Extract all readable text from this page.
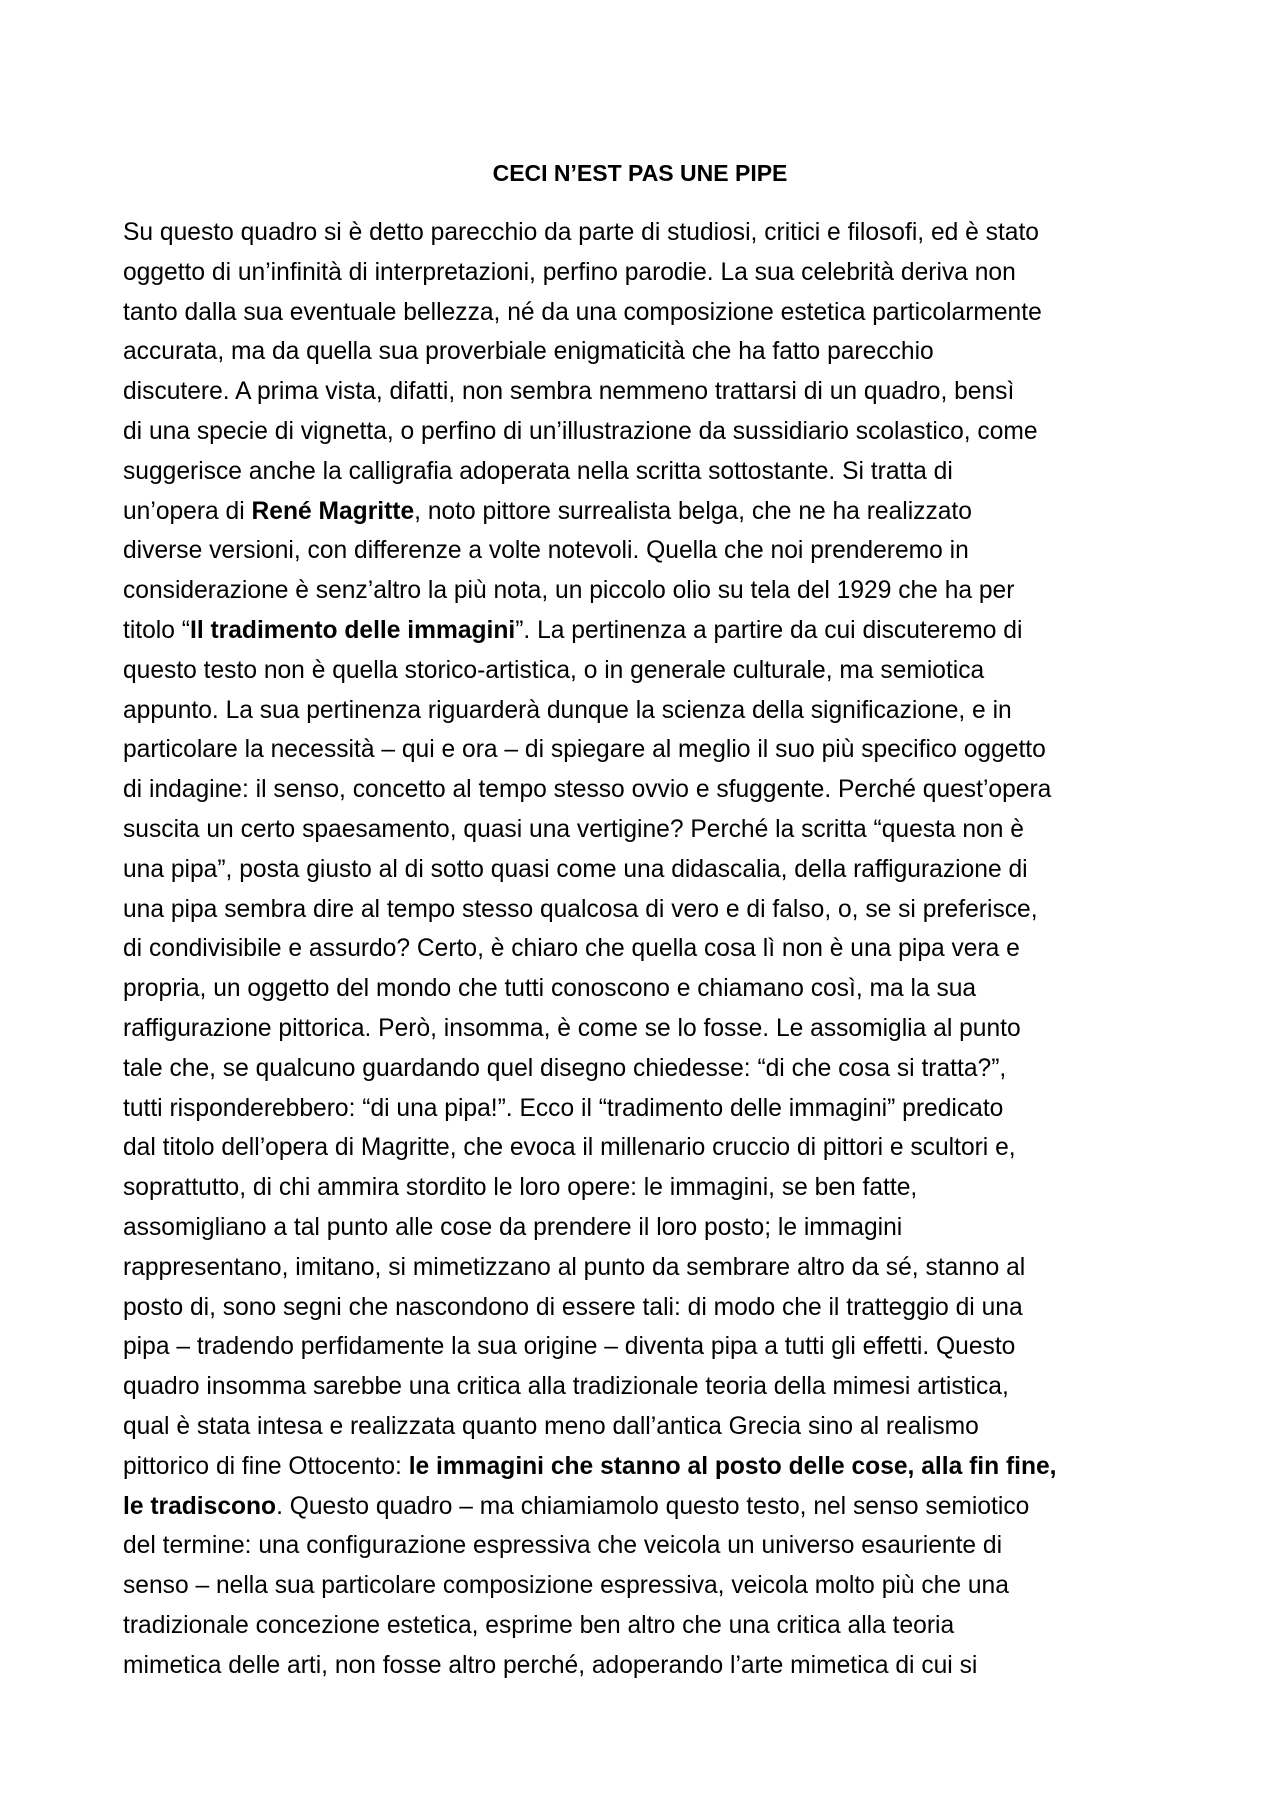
CECI N’EST PAS UNE PIPE
Su questo quadro si è detto parecchio da parte di studiosi, critici e filosofi, ed è stato
oggetto di un’infinità di interpretazioni, perfino parodie. La sua celebrità deriva non
tanto dalla sua eventuale bellezza, né da una composizione estetica particolarmente
accurata, ma da quella sua proverbiale enigmaticità che ha fatto parecchio
discutere. A prima vista, difatti, non sembra nemmeno trattarsi di un quadro, bensì
di una specie di vignetta, o perfino di un’illustrazione da sussidiario scolastico, come
suggerisce anche la calligrafia adoperata nella scritta sottostante. Si tratta di
un’opera di René Magritte, noto pittore surrealista belga, che ne ha realizzato
diverse versioni, con differenze a volte notevoli. Quella che noi prenderemo in
considerazione è senz’altro la più nota, un piccolo olio su tela del 1929 che ha per
titolo “Il tradimento delle immagini”. La pertinenza a partire da cui discuteremo di
questo testo non è quella storico-artistica, o in generale culturale, ma semiotica
appunto. La sua pertinenza riguarderà dunque la scienza della significazione, e in
particolare la necessità – qui e ora – di spiegare al meglio il suo più specifico oggetto
di indagine: il senso, concetto al tempo stesso ovvio e sfuggente. Perché quest’opera
suscita un certo spaesamento, quasi una vertigine? Perché la scritta “questa non è
una pipa”, posta giusto al di sotto quasi come una didascalia, della raffigurazione di
una pipa sembra dire al tempo stesso qualcosa di vero e di falso, o, se si preferisce,
di condivisibile e assurdo? Certo, è chiaro che quella cosa lì non è una pipa vera e
propria, un oggetto del mondo che tutti conoscono e chiamano così, ma la sua
raffigurazione pittorica. Però, insomma, è come se lo fosse. Le assomiglia al punto
tale che, se qualcuno guardando quel disegno chiedesse: “di che cosa si tratta?”,
tutti risponderebbero: “di una pipa!”. Ecco il “tradimento delle immagini” predicato
dal titolo dell’opera di Magritte, che evoca il millenario cruccio di pittori e scultori e,
soprattutto, di chi ammira stordito le loro opere: le immagini, se ben fatte,
assomigliano a tal punto alle cose da prendere il loro posto; le immagini
rappresentano, imitano, si mimetizzano al punto da sembrare altro da sé, stanno al
posto di, sono segni che nascondono di essere tali: di modo che il tratteggio di una
pipa – tradendo perfidamente la sua origine – diventa pipa a tutti gli effetti. Questo
quadro insomma sarebbe una critica alla tradizionale teoria della mimesi artistica,
qual è stata intesa e realizzata quanto meno dall’antica Grecia sino al realismo
pittorico di fine Ottocento: le immagini che stanno al posto delle cose, alla fin fine,
le tradiscono. Questo quadro – ma chiamiamolo questo testo, nel senso semiotico
del termine: una configurazione espressiva che veicola un universo esauriente di
senso – nella sua particolare composizione espressiva, veicola molto più che una
tradizionale concezione estetica, esprime ben altro che una critica alla teoria
mimetica delle arti, non fosse altro perché, adoperando l’arte mimetica di cui si
